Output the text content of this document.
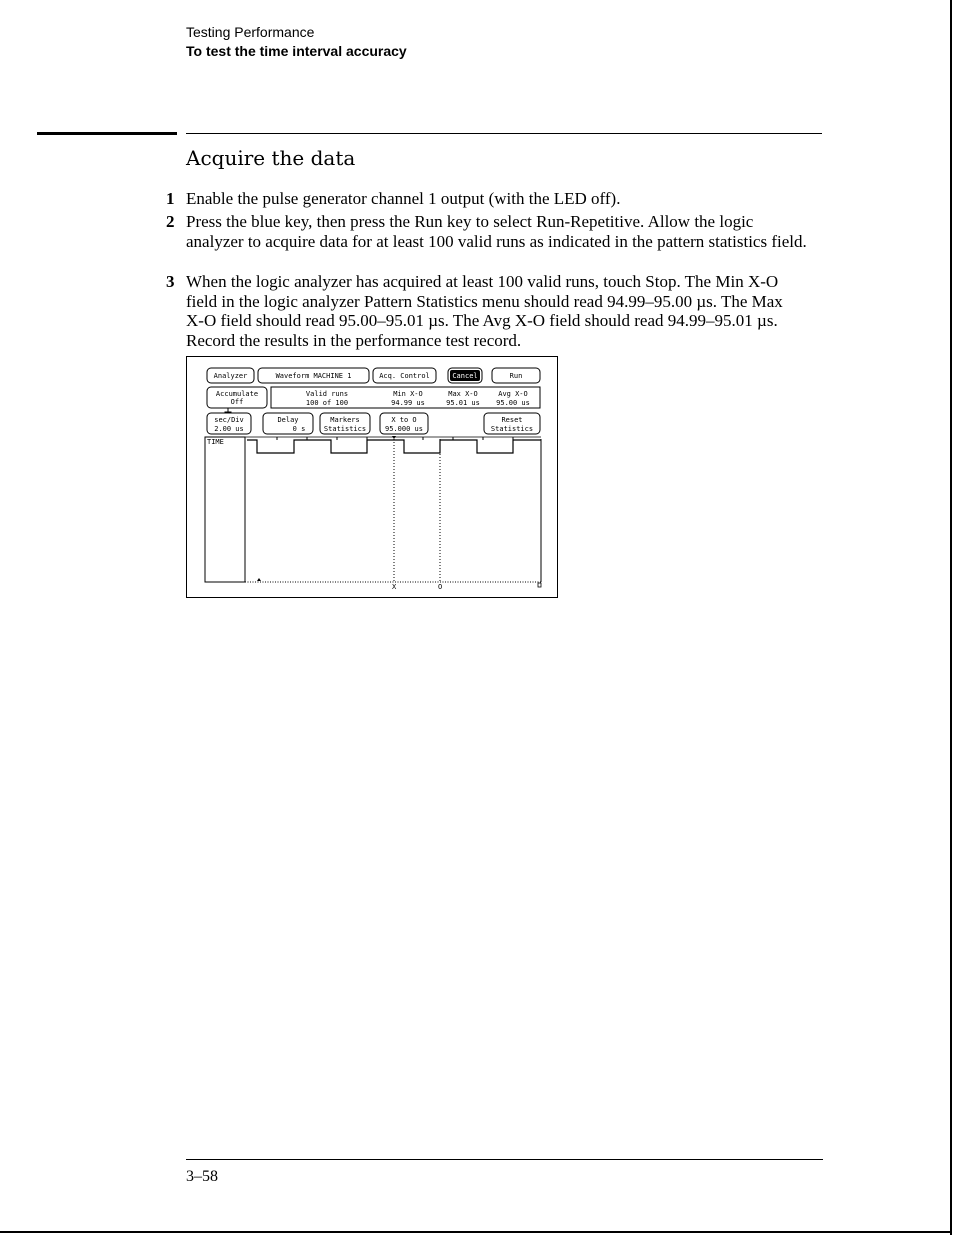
Testing Performance
To test the time interval accuracy
Acquire the data
1 Enable the pulse generator channel 1 output (with the LED off).
2 Press the blue key, then press the Run key to select Run-Repetitive. Allow the logic analyzer to acquire data for at least 100 valid runs as indicated in the pattern statistics field.
3 When the logic analyzer has acquired at least 100 valid runs, touch Stop. The Min X-O field in the logic analyzer Pattern Statistics menu should read 94.99–95.00 µs. The Max X-O field should read 95.00–95.01 µs. The Avg X-O field should read 94.99–95.01 µs. Record the results in the performance test record.
Analyzer	Waveform MACHINE 1	Acq. Control	Cancel	Run
Accumulate
Off
Valid runs	Min X-O	Max X-O	Avg X-O
100 of 100	94.99 us	95.01 us 95.00 us
sec/Div
2.00 us
Delay
0 s
Markers
Statistics
X to O
95.000 us
Reset
Statistics
TIME
X	O
3–58
